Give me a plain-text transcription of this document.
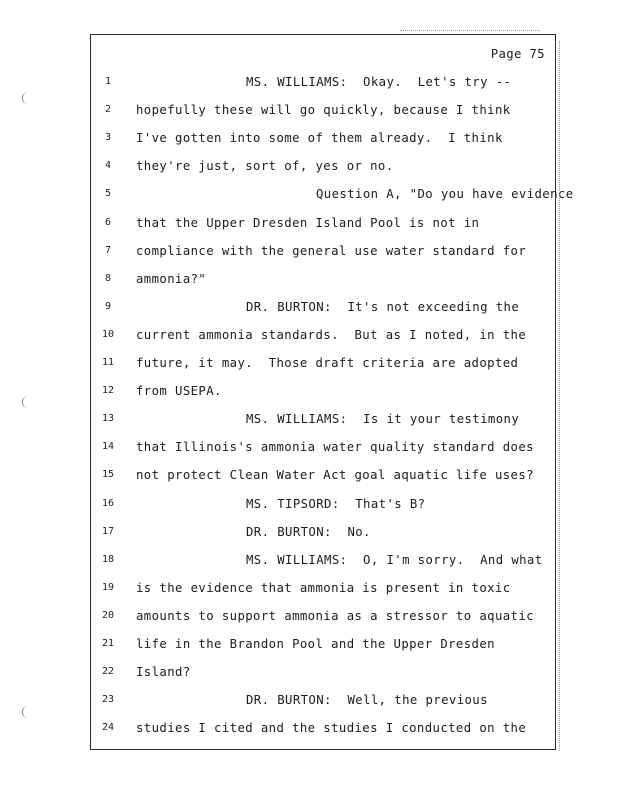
Page 75
1	MS. WILLIAMS:  Okay.  Let's try --
2	hopefully these will go quickly, because I think
3	I've gotten into some of them already.  I think
4	they're just, sort of, yes or no.
5	Question A, "Do you have evidence
6	that the Upper Dresden Island Pool is not in
7	compliance with the general use water standard for
8	ammonia?"
9	DR. BURTON:  It's not exceeding the
10	current ammonia standards.  But as I noted, in the
11	future, it may.  Those draft criteria are adopted
12	from USEPA.
13	MS. WILLIAMS:  Is it your testimony
14	that Illinois's ammonia water quality standard does
15	not protect Clean Water Act goal aquatic life uses?
16	MS. TIPSORD:  That's B?
17	DR. BURTON:  No.
18	MS. WILLIAMS:  O, I'm sorry.  And what
19	is the evidence that ammonia is present in toxic
20	amounts to support ammonia as a stressor to aquatic
21	life in the Brandon Pool and the Upper Dresden
22	Island?
23	DR. BURTON:  Well, the previous
24	studies I cited and the studies I conducted on the
